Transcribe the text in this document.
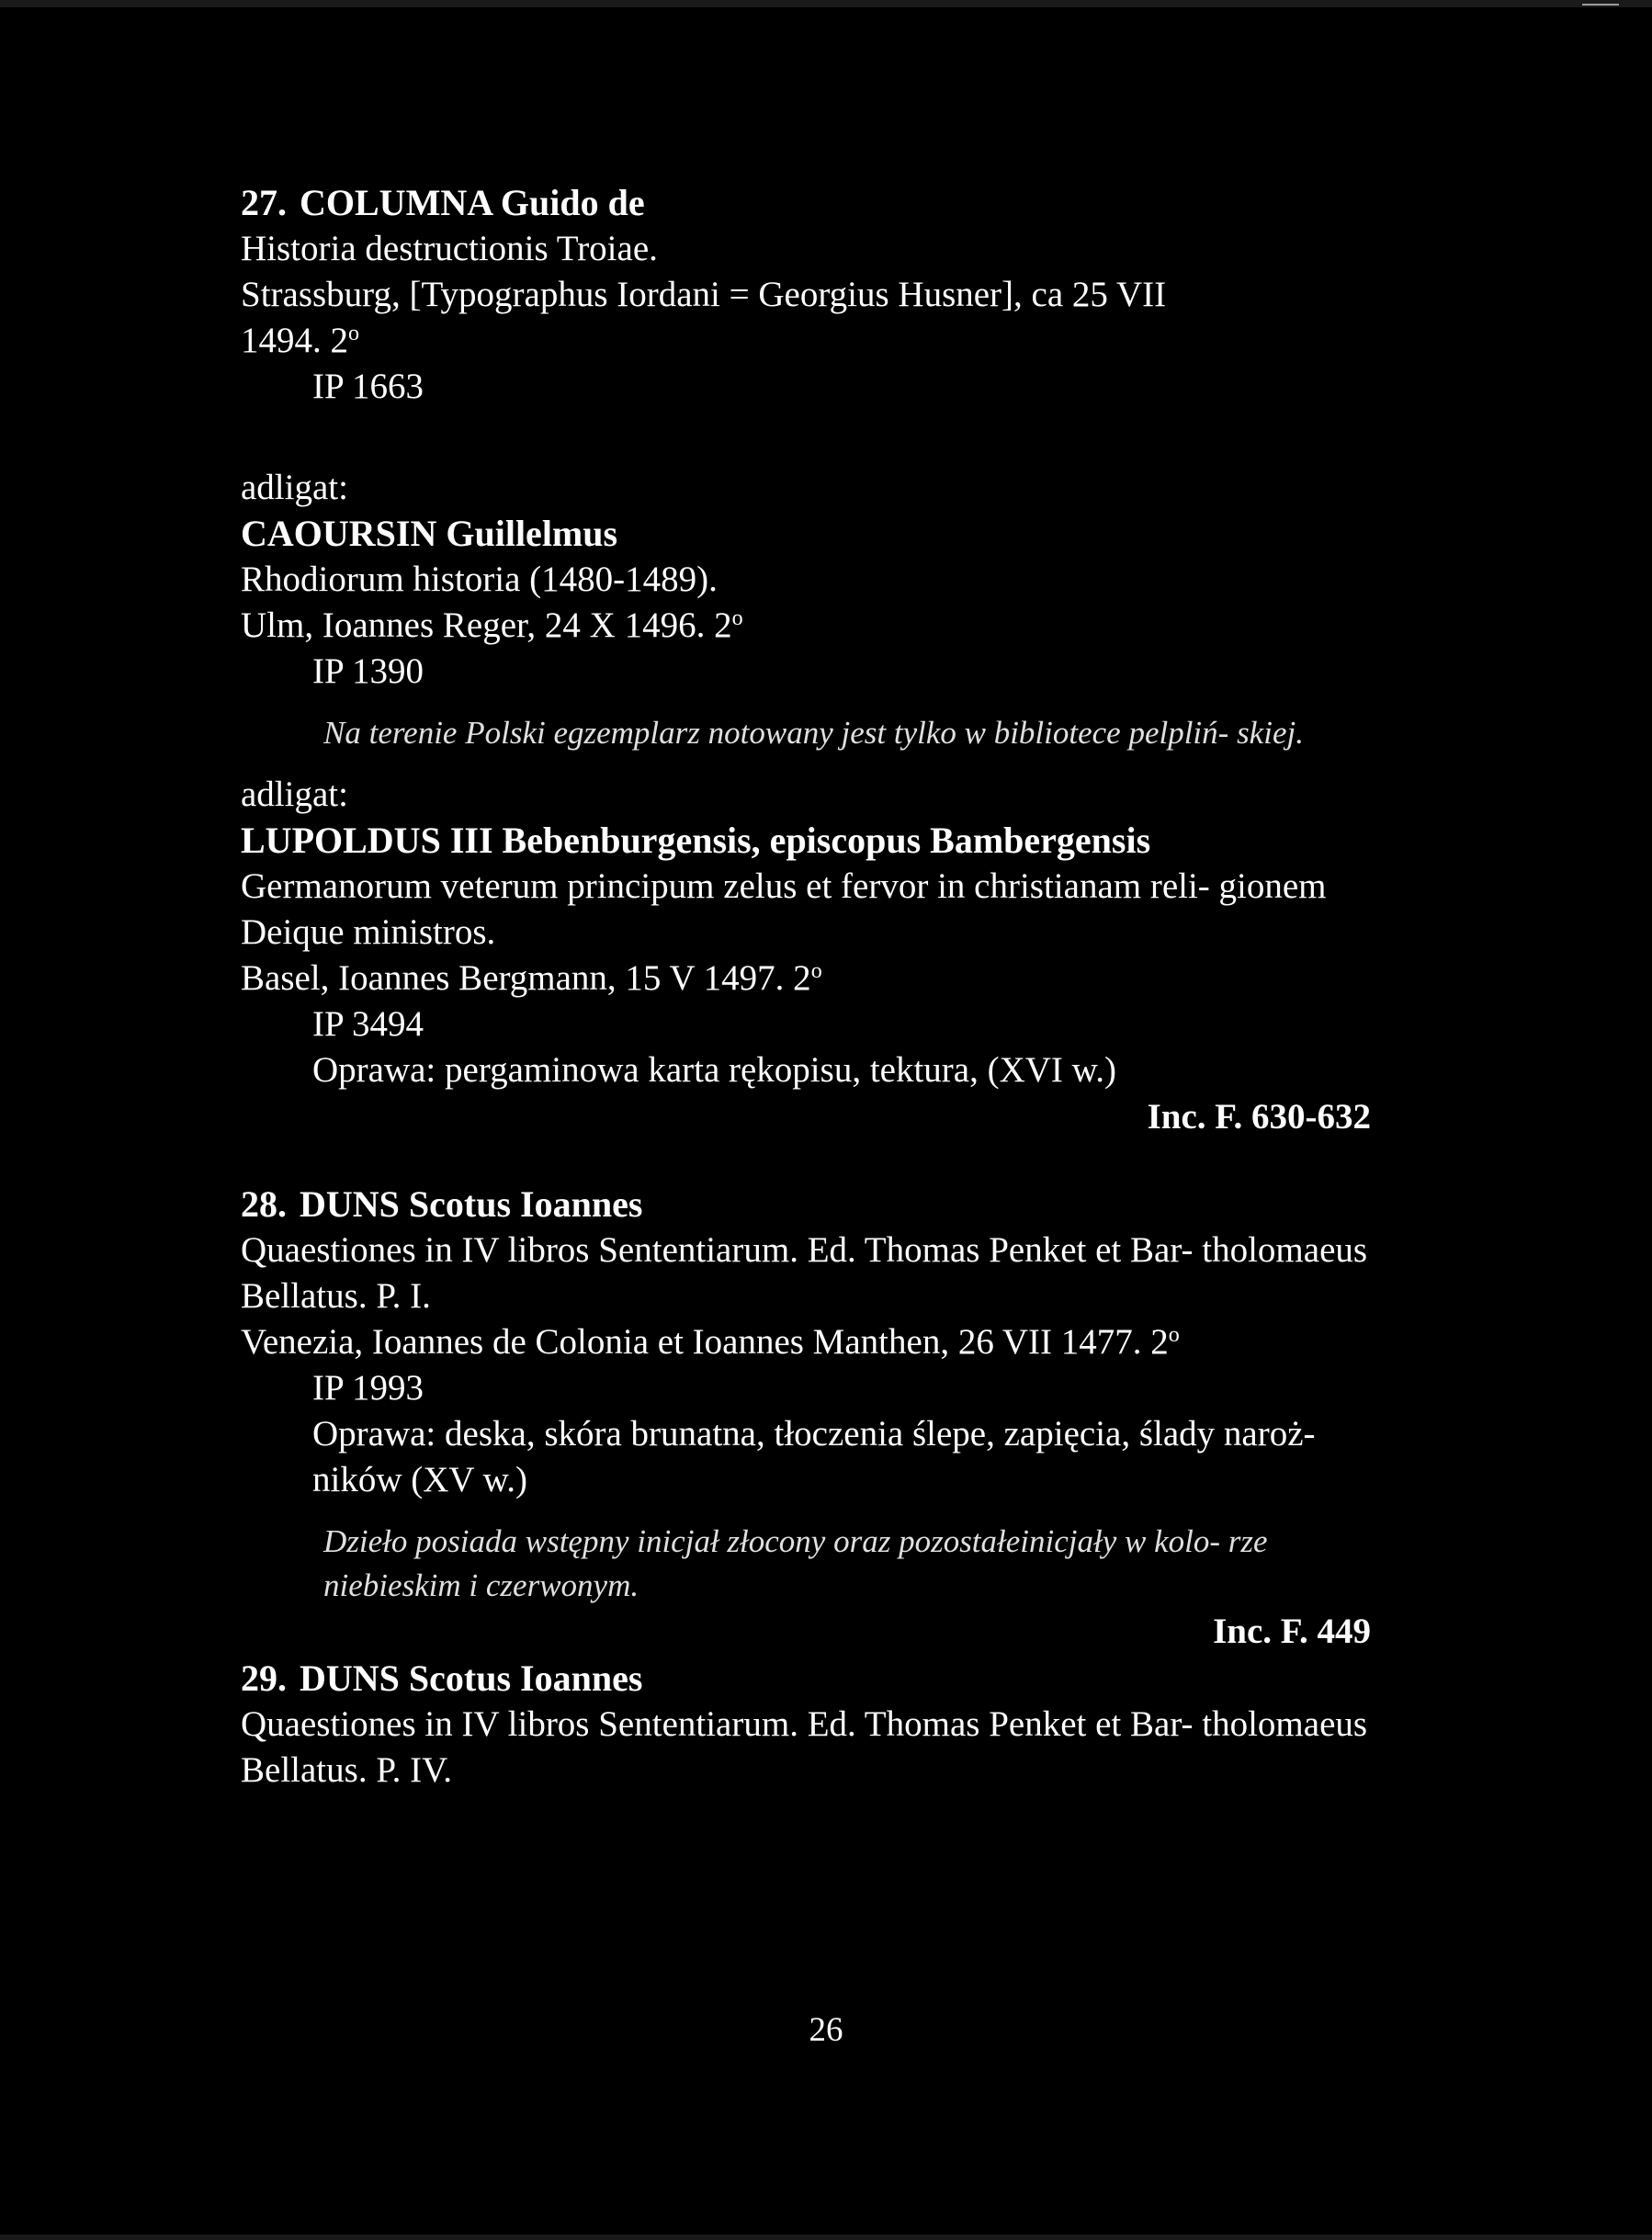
27. COLUMNA Guido de
Historia destructionis Troiae.
Strassburg, [Typographus Iordani = Georgius Husner], ca 25 VII
1494. 2$^o$
IP 1663
adligat:
CAOURSIN Guillelmus
Rhodiorum historia (1480-1489).
Ulm, Ioannes Reger, 24 X 1496. 2$^o$
IP 1390
Na terenie Polski egzemplarz notowany jest tylko w bibliotece pelpliń- skiej.
adligat:
LUPOLDUS III Bebenburgensis, episcopus Bambergensis
Germanorum veterum principum zelus et fervor in christianam reli- gionem Deique ministros.
Basel, Ioannes Bergmann, 15 V 1497. 2$^o$
IP 3494
Oprawa: pergaminowa karta rękopisu, tektura, (XVI w.)
Inc. F. 630-632
28. DUNS Scotus Ioannes
Quaestiones in IV libros Sententiarum. Ed. Thomas Penket et Bar- tholomaeus Bellatus. P. I.
Venezia, Ioannes de Colonia et Ioannes Manthen, 26 VII 1477. 2$^o$
IP 1993
Oprawa: deska, skóra brunatna, tłoczenia ślepe, zapięcia, ślady naroż- ników (XV w.)
Dzieło posiada wstępny inicjał złocony oraz pozostałeinicjały w kolo- rze niebieskim i czerwonym.
Inc. F. 449
29. DUNS Scotus Ioannes
Quaestiones in IV libros Sententiarum. Ed. Thomas Penket et Bar- tholomaeus Bellatus. P. IV.
26
